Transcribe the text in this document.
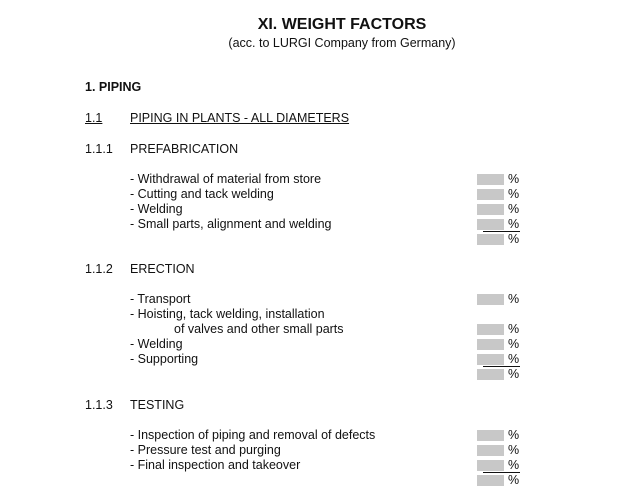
XI. WEIGHT FACTORS
(acc. to LURGI Company from Germany)
1. PIPING
1.1 PIPING IN PLANTS - ALL DIAMETERS
1.1.1 PREFABRICATION
- Withdrawal of material from store
- Cutting and tack welding
- Welding
- Small parts, alignment and welding
%
%
%
%
%
1.1.2 ERECTION
- Transport
- Hoisting, tack welding, installation
of valves and other small parts
- Welding
- Supporting
%
%
%
%
%
1.1.3 TESTING
- Inspection of piping and removal of defects
- Pressure test and purging
- Final inspection and takeover
%
%
%
%
